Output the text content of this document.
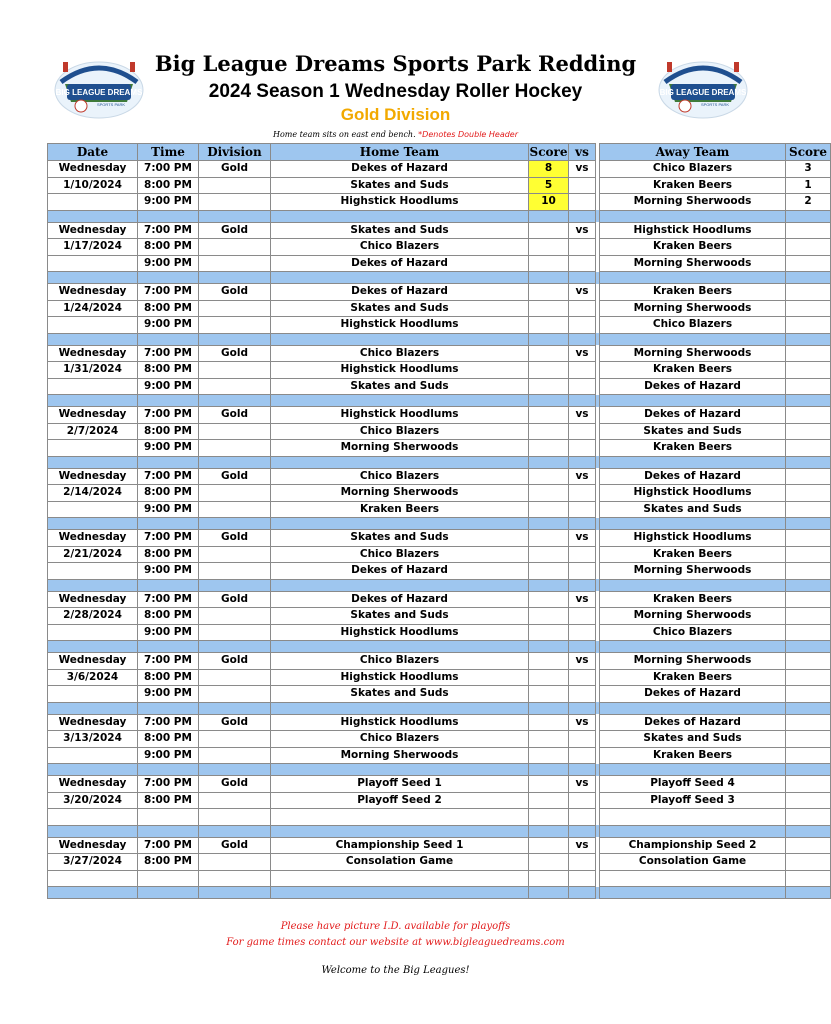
BIG LEAGUE DREAMS
SPORTS PARK
BIG LEAGUE DREAMS
SPORTS PARK
Big League Dreams Sports Park Redding
2024 Season 1 Wednesday Roller Hockey
Gold Division
Home team sits on east end bench. *Denotes Double Header
Date	Time	Division	Home Team	Score	vs		Away Team	Score
Wednesday	7:00 PM	Gold	Dekes of Hazard	8	vs		Chico Blazers	3
1/10/2024	8:00 PM		Skates and Suds	5			Kraken Beers	1
	9:00 PM		Highstick Hoodlums	10			Morning Sherwoods	2

Wednesday	7:00 PM	Gold	Skates and Suds		vs		Highstick Hoodlums	
1/17/2024	8:00 PM		Chico Blazers				Kraken Beers	
	9:00 PM		Dekes of Hazard				Morning Sherwoods	

Wednesday	7:00 PM	Gold	Dekes of Hazard		vs		Kraken Beers	
1/24/2024	8:00 PM		Skates and Suds				Morning Sherwoods	
	9:00 PM		Highstick Hoodlums				Chico Blazers	

Wednesday	7:00 PM	Gold	Chico Blazers		vs		Morning Sherwoods	
1/31/2024	8:00 PM		Highstick Hoodlums				Kraken Beers	
	9:00 PM		Skates and Suds				Dekes of Hazard	

Wednesday	7:00 PM	Gold	Highstick Hoodlums		vs		Dekes of Hazard	
2/7/2024	8:00 PM		Chico Blazers				Skates and Suds	
	9:00 PM		Morning Sherwoods				Kraken Beers	

Wednesday	7:00 PM	Gold	Chico Blazers		vs		Dekes of Hazard	
2/14/2024	8:00 PM		Morning Sherwoods				Highstick Hoodlums	
	9:00 PM		Kraken Beers				Skates and Suds	

Wednesday	7:00 PM	Gold	Skates and Suds		vs		Highstick Hoodlums	
2/21/2024	8:00 PM		Chico Blazers				Kraken Beers	
	9:00 PM		Dekes of Hazard				Morning Sherwoods	

Wednesday	7:00 PM	Gold	Dekes of Hazard		vs		Kraken Beers	
2/28/2024	8:00 PM		Skates and Suds				Morning Sherwoods	
	9:00 PM		Highstick Hoodlums				Chico Blazers	

Wednesday	7:00 PM	Gold	Chico Blazers		vs		Morning Sherwoods	
3/6/2024	8:00 PM		Highstick Hoodlums				Kraken Beers	
	9:00 PM		Skates and Suds				Dekes of Hazard	

Wednesday	7:00 PM	Gold	Highstick Hoodlums		vs		Dekes of Hazard	
3/13/2024	8:00 PM		Chico Blazers				Skates and Suds	
	9:00 PM		Morning Sherwoods				Kraken Beers	

Wednesday	7:00 PM	Gold	Playoff Seed 1		vs		Playoff Seed 4	
3/20/2024	8:00 PM		Playoff Seed 2				Playoff Seed 3	

Wednesday	7:00 PM	Gold	Championship Seed 1		vs		Championship Seed 2	
3/27/2024	8:00 PM		Consolation Game				Consolation Game	

Please have picture I.D. available for playoffs
For game times contact our website at www.bigleaguedreams.com
Welcome to the Big Leagues!
